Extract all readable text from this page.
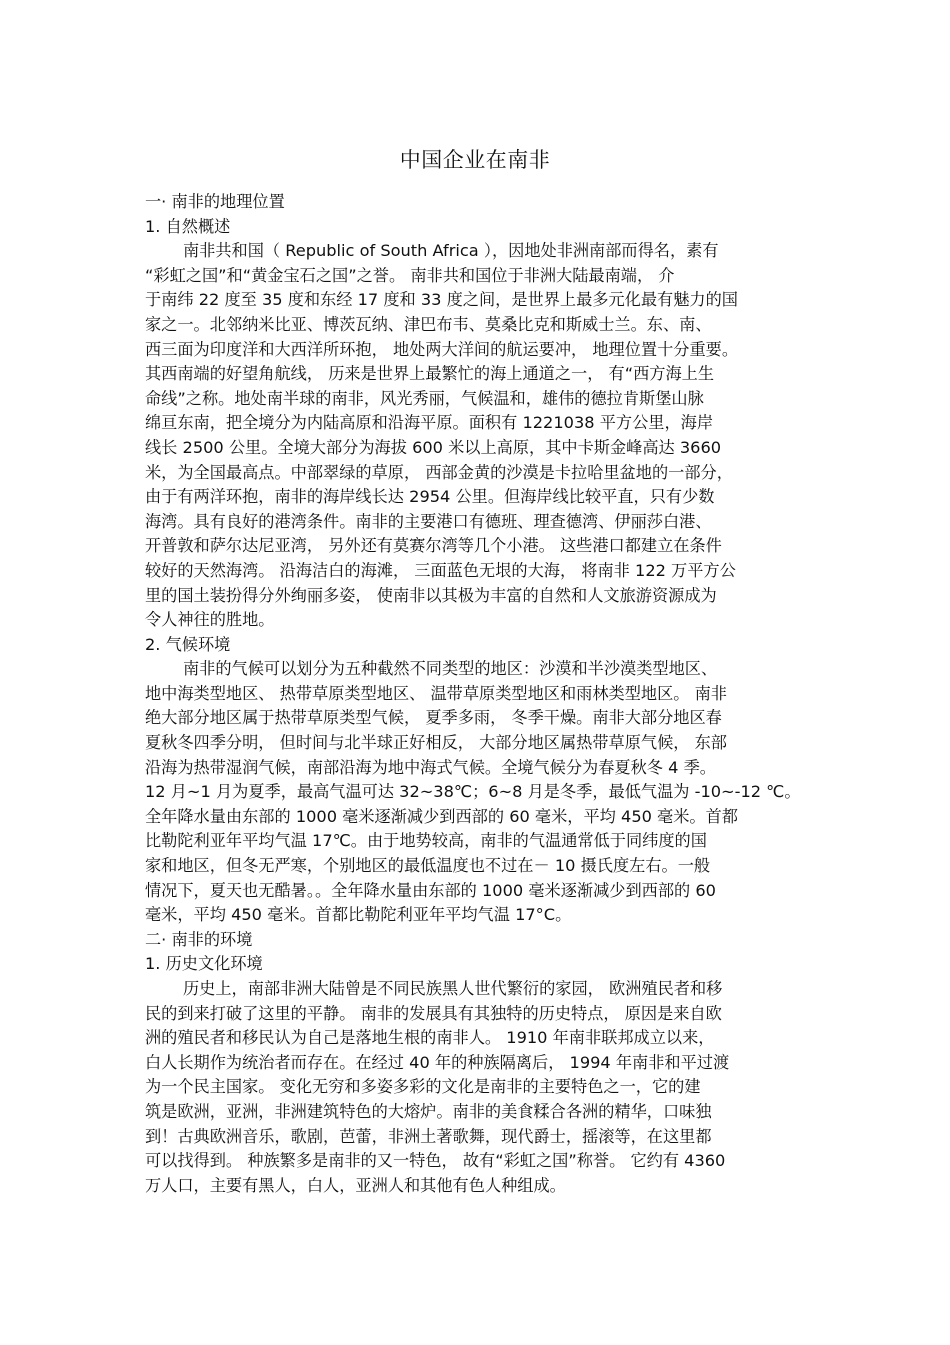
中国企业在南非
一· 南非的地理位置
1. 自然概述
南非共和国（ Republic of South Africa ），因地处非洲南部而得名，素有
“彩虹之国”和“黄金宝石之国”之誉。 南非共和国位于非洲大陆最南端， 介
于南纬 22 度至 35 度和东经 17 度和 33 度之间，是世界上最多元化最有魅力的国
家之一。北邻纳米比亚、博茨瓦纳、津巴布韦、莫桑比克和斯威士兰。东、南、
西三面为印度洋和大西洋所环抱， 地处两大洋间的航运要冲， 地理位置十分重要。
其西南端的好望角航线， 历来是世界上最繁忙的海上通道之一， 有“西方海上生
命线”之称。地处南半球的南非，风光秀丽，气候温和，雄伟的德拉肯斯堡山脉
绵亘东南，把全境分为内陆高原和沿海平原。面积有 1221038 平方公里，海岸
线长 2500 公里。全境大部分为海拔 600 米以上高原，其中卡斯金峰高达 3660
米，为全国最高点。中部翠绿的草原， 西部金黄的沙漠是卡拉哈里盆地的一部分，
由于有两洋环抱，南非的海岸线长达 2954 公里。但海岸线比较平直，只有少数
海湾。具有良好的港湾条件。南非的主要港口有德班、理查德湾、伊丽莎白港、
开普敦和萨尔达尼亚湾， 另外还有莫赛尔湾等几个小港。 这些港口都建立在条件
较好的天然海湾。 沿海洁白的海滩， 三面蓝色无垠的大海， 将南非 122 万平方公
里的国土装扮得分外绚丽多姿， 使南非以其极为丰富的自然和人文旅游资源成为
令人神往的胜地。
2. 气候环境
南非的气候可以划分为五种截然不同类型的地区：沙漠和半沙漠类型地区、
地中海类型地区、 热带草原类型地区、 温带草原类型地区和雨林类型地区。 南非
绝大部分地区属于热带草原类型气候， 夏季多雨， 冬季干燥。南非大部分地区春
夏秋冬四季分明， 但时间与北半球正好相反， 大部分地区属热带草原气候， 东部
沿海为热带湿润气候，南部沿海为地中海式气候。全境气候分为春夏秋冬 4 季。
12 月~1 月为夏季，最高气温可达 32~38℃；6~8 月是冬季，最低气温为 -10~-12 ℃。
全年降水量由东部的 1000 毫米逐渐减少到西部的 60 毫米，平均 450 毫米。首都
比勒陀利亚年平均气温 17℃。由于地势较高，南非的气温通常低于同纬度的国
家和地区，但冬无严寒，个别地区的最低温度也不过在－ 10 摄氏度左右。一般
情况下，夏天也无酷暑。。全年降水量由东部的 1000 毫米逐渐减少到西部的 60
毫米，平均 450 毫米。首都比勒陀利亚年平均气温 17°C。
二· 南非的环境
1. 历史文化环境
历史上，南部非洲大陆曾是不同民族黑人世代繁衍的家园， 欧洲殖民者和移
民的到来打破了这里的平静。 南非的发展具有其独特的历史特点， 原因是来自欧
洲的殖民者和移民认为自己是落地生根的南非人。 1910 年南非联邦成立以来，
白人长期作为统治者而存在。在经过 40 年的种族隔离后， 1994 年南非和平过渡
为一个民主国家。 变化无穷和多姿多彩的文化是南非的主要特色之一，它的建
筑是欧洲，亚洲，非洲建筑特色的大熔炉。南非的美食糅合各洲的精华，口味独
到！古典欧洲音乐，歌剧，芭蕾，非洲土著歌舞，现代爵士，摇滚等，在这里都
可以找得到。 种族繁多是南非的又一特色， 故有“彩虹之国”称誉。 它约有 4360
万人口，主要有黑人，白人，亚洲人和其他有色人种组成。
